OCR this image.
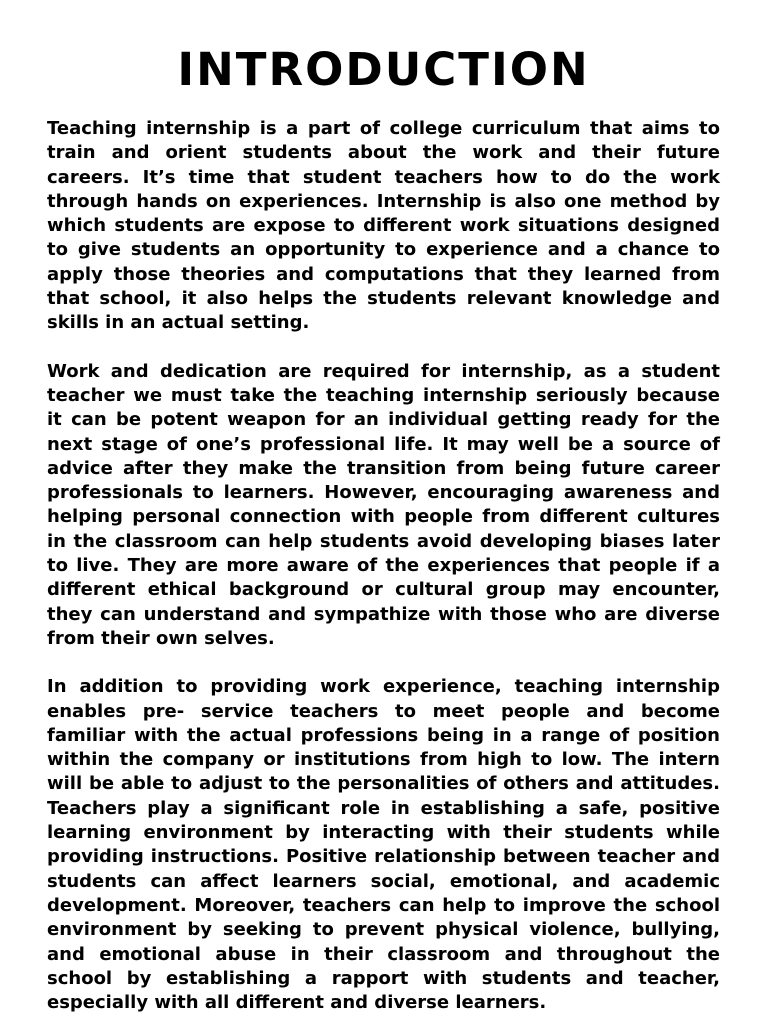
INTRODUCTION

Teaching internship is a part of college curriculum that aims to train and orient students about the work and their future careers. It’s time that student teachers how to do the work through hands on experiences. Internship is also one method by which students are expose to different work situations designed to give students an opportunity to experience and a chance to apply those theories and computations that they learned from that school, it also helps the students relevant knowledge and skills in an actual setting.

Work and dedication are required for internship, as a student teacher we must take the teaching internship seriously because it can be potent weapon for an individual getting ready for the next stage of one’s professional life. It may well be a source of advice after they make the transition from being future career professionals to learners. However, encouraging awareness and helping personal connection with people from different cultures in the classroom can help students avoid developing biases later to live. They are more aware of the experiences that people if a different ethical background or cultural group may encounter, they can understand and sympathize with those who are diverse from their own selves.

In addition to providing work experience, teaching internship enables pre- service teachers to meet people and become familiar with the actual professions being in a range of position within the company or institutions from high to low. The intern will be able to adjust to the personalities of others and attitudes. Teachers play a significant role in establishing a safe, positive learning environment by interacting with their students while providing instructions. Positive relationship between teacher and students can affect learners social, emotional, and academic development. Moreover, teachers can help to improve the school environment by seeking to prevent physical violence, bullying, and emotional abuse in their classroom and throughout the school by establishing a rapport with students and teacher, especially with all different and diverse learners.
